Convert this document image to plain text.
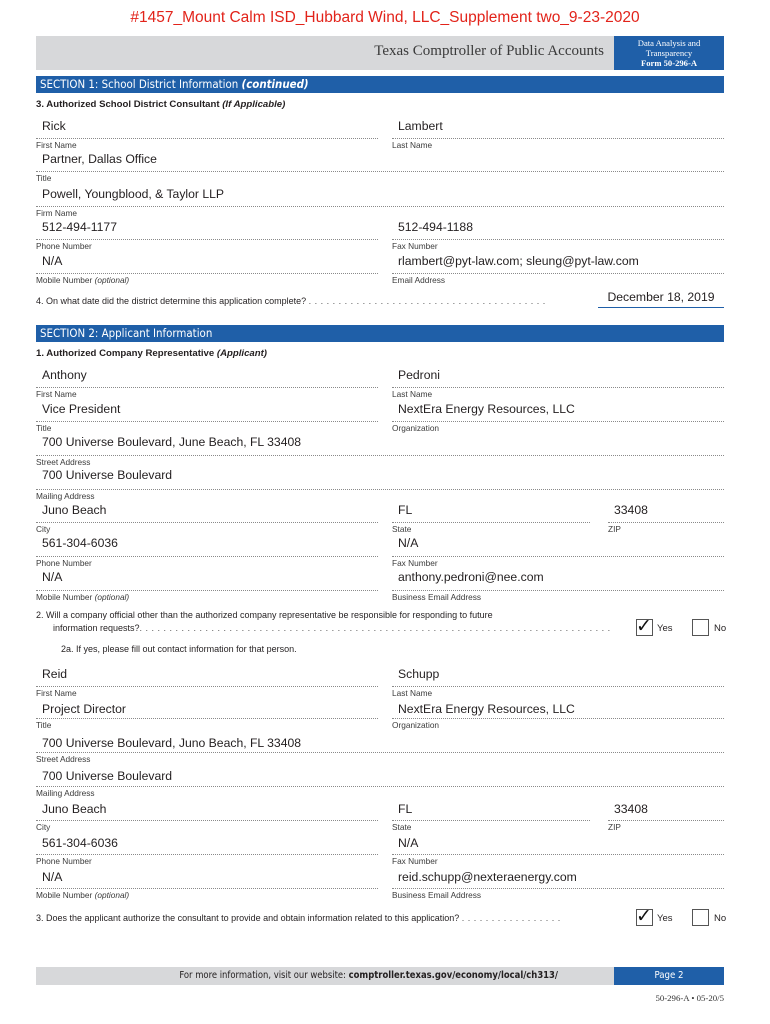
#1457_Mount Calm ISD_Hubbard Wind, LLC_Supplement two_9-23-2020
Texas Comptroller of Public Accounts	Data Analysis and
Transparency
Form 50-296-A
SECTION 1: School District Information (continued)
3. Authorized School District Consultant (If Applicable)
Rick
First Name
Lambert
Last Name
Partner, Dallas Office
Title
Powell, Youngblood, & Taylor LLP
Firm Name
512-494-1177
Phone Number
512-494-1188
Fax Number
N/A
Mobile Number (optional)
rlambert@pyt-law.com; sleung@pyt-law.com
Email Address
4. On what date did the district determine this application complete? . . . . . . . . . . . . . . . . . . . . . . . . . . . . . . . . . . . . . . . .	December 18, 2019
SECTION 2: Applicant Information
1. Authorized Company Representative (Applicant)
Anthony
First Name
Pedroni
Last Name
Vice President
Title
NextEra Energy Resources, LLC
Organization
700 Universe Boulevard, June Beach, FL 33408
Street Address
700 Universe Boulevard
Mailing Address
Juno Beach
City
FL
State
33408
ZIP
561-304-6036
Phone Number
N/A
Fax Number
N/A
Mobile Number (optional)
anthony.pedroni@nee.com
Business Email Address
2. Will a company official other than the authorized company representative be responsible for responding to future
information requests?. . . . . . . . . . . . . . . . . . . . . . . . . . . . . . . . . . . . . . . . . . . . . . . . . . . . . . . . . . . . . . . . . . . . . . . . . . . . . . .	✓ Yes	No
2a. If yes, please fill out contact information for that person.
Reid
First Name
Schupp
Last Name
Project Director
Title
NextEra Energy Resources, LLC
Organization
700 Universe Boulevard, Juno Beach, FL 33408
Street Address
700 Universe Boulevard
Mailing Address
Juno Beach
City
FL
State
33408
ZIP
561-304-6036
Phone Number
N/A
Fax Number
N/A
Mobile Number (optional)
reid.schupp@nexteraenergy.com
Business Email Address
3. Does the applicant authorize the consultant to provide and obtain information related to this application? . . . . . . . . . . . . . . . . .	✓ Yes	No
For more information, visit our website: comptroller.texas.gov/economy/local/ch313/	Page 2
50-296-A • 05-20/5
